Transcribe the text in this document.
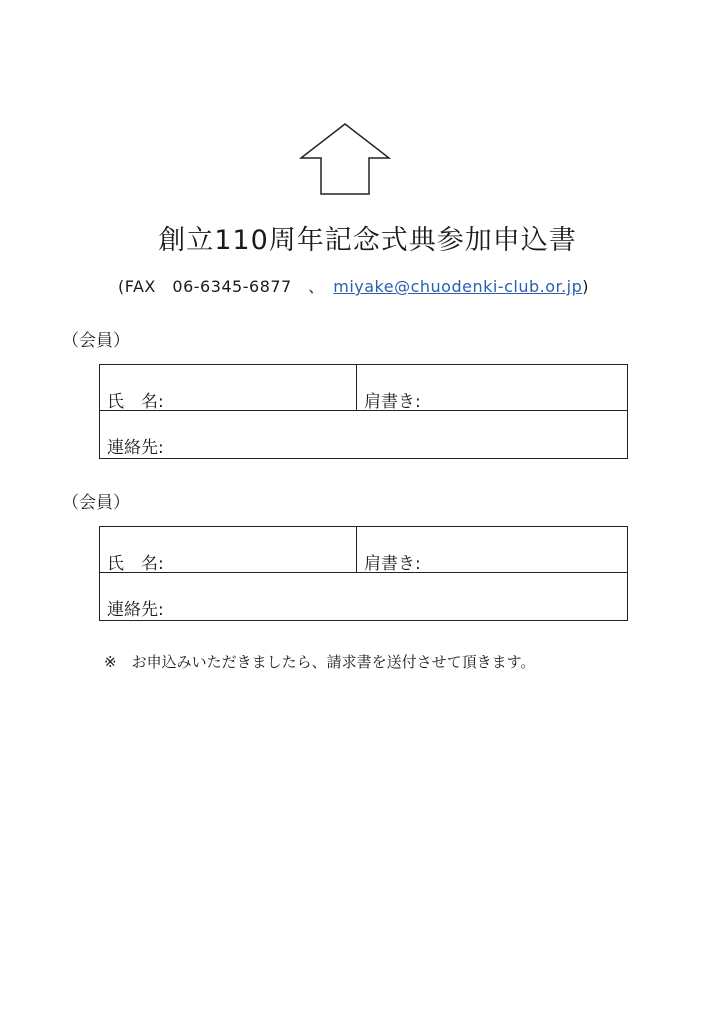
創立110周年記念式典参加申込書
(FAX　06-6345-6877　、　miyake@chuodenki-club.or.jp)
（会員）
氏　名:	肩書き:
連絡先:
（会員）
氏　名:	肩書き:
連絡先:
※　お申込みいただきましたら、請求書を送付させて頂きます。
